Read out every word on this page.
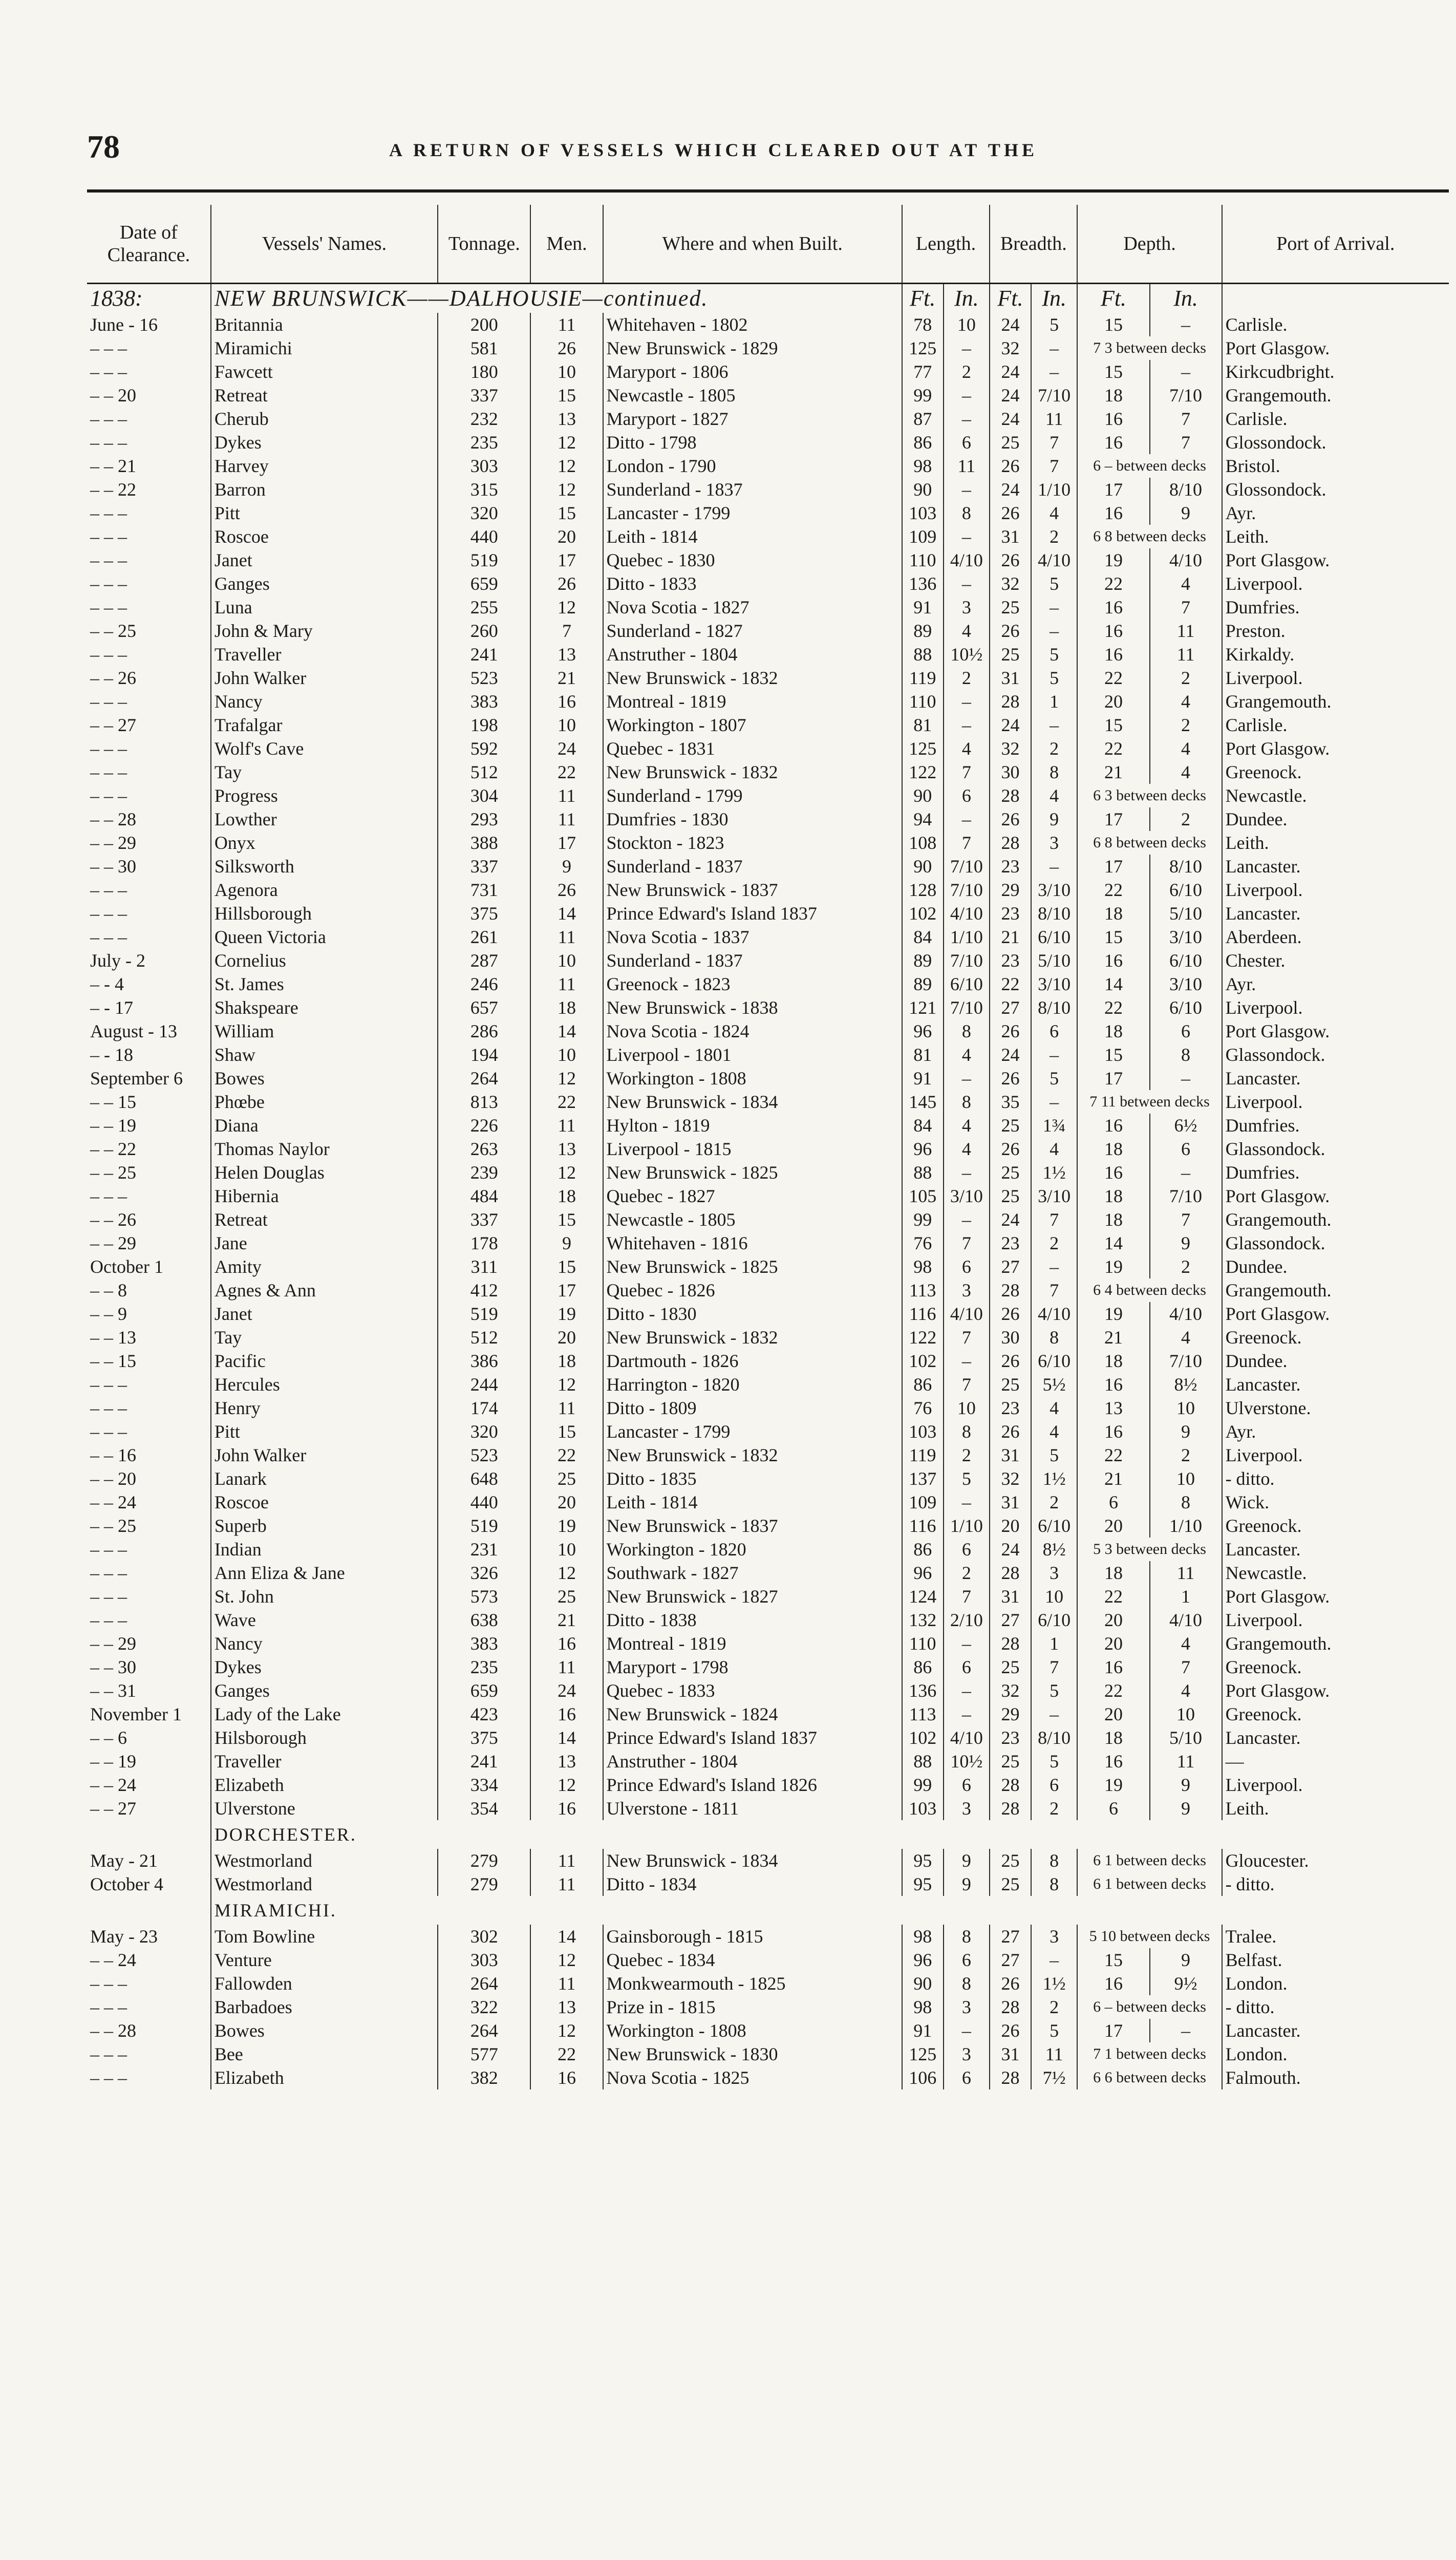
78	A RETURN OF VESSELS WHICH CLEARED OUT AT THE
Date of Clearance.	Vessels' Names.	Tonnage.	Men.	Where and when Built.	Length.		Breadth.		Depth.		Port of Arrival.
1838:	NEW BRUNSWICK——DALHOUSIE—continued.				Ft.	In.	Ft.	In.	Ft.	In.	
June - 16	Britannia	200	11	Whitehaven - 1802	78	10	24	5	15	–	Carlisle.
– – –	Miramichi	581	26	New Brunswick - 1829	125	–	32	–	7 3 between decks		Port Glasgow.
– – –	Fawcett	180	10	Maryport - 1806	77	2	24	–	15	–	Kirkcudbright.
– – 20	Retreat	337	15	Newcastle - 1805	99	–	24	7/10	18	7/10	Grangemouth.
– – –	Cherub	232	13	Maryport - 1827	87	–	24	11	16	7	Carlisle.
– – –	Dykes	235	12	Ditto - 1798	86	6	25	7	16	7	Glossondock.
– – 21	Harvey	303	12	London - 1790	98	11	26	7	6 – between decks		Bristol.
– – 22	Barron	315	12	Sunderland - 1837	90	–	24	1/10	17	8/10	Glossondock.
– – –	Pitt	320	15	Lancaster - 1799	103	8	26	4	16	9	Ayr.
– – –	Roscoe	440	20	Leith - 1814	109	–	31	2	6 8 between decks		Leith.
– – –	Janet	519	17	Quebec - 1830	110	4/10	26	4/10	19	4/10	Port Glasgow.
– – –	Ganges	659	26	Ditto - 1833	136	–	32	5	22	4	Liverpool.
– – –	Luna	255	12	Nova Scotia - 1827	91	3	25	–	16	7	Dumfries.
– – 25	John & Mary	260	7	Sunderland - 1827	89	4	26	–	16	11	Preston.
– – –	Traveller	241	13	Anstruther - 1804	88	10½	25	5	16	11	Kirkaldy.
– – 26	John Walker	523	21	New Brunswick - 1832	119	2	31	5	22	2	Liverpool.
– – –	Nancy	383	16	Montreal - 1819	110	–	28	1	20	4	Grangemouth.
– – 27	Trafalgar	198	10	Workington - 1807	81	–	24	–	15	2	Carlisle.
– – –	Wolf's Cave	592	24	Quebec - 1831	125	4	32	2	22	4	Port Glasgow.
– – –	Tay	512	22	New Brunswick - 1832	122	7	30	8	21	4	Greenock.
– – –	Progress	304	11	Sunderland - 1799	90	6	28	4	6 3 between decks		Newcastle.
– – 28	Lowther	293	11	Dumfries - 1830	94	–	26	9	17	2	Dundee.
– – 29	Onyx	388	17	Stockton - 1823	108	7	28	3	6 8 between decks		Leith.
– – 30	Silksworth	337	9	Sunderland - 1837	90	7/10	23	–	17	8/10	Lancaster.
– – –	Agenora	731	26	New Brunswick - 1837	128	7/10	29	3/10	22	6/10	Liverpool.
– – –	Hillsborough	375	14	Prince Edward's Island 1837	102	4/10	23	8/10	18	5/10	Lancaster.
– – –	Queen Victoria	261	11	Nova Scotia - 1837	84	1/10	21	6/10	15	3/10	Aberdeen.
July - 2	Cornelius	287	10	Sunderland - 1837	89	7/10	23	5/10	16	6/10	Chester.
– - 4	St. James	246	11	Greenock - 1823	89	6/10	22	3/10	14	3/10	Ayr.
– - 17	Shakspeare	657	18	New Brunswick - 1838	121	7/10	27	8/10	22	6/10	Liverpool.
August - 13	William	286	14	Nova Scotia - 1824	96	8	26	6	18	6	Port Glasgow.
– - 18	Shaw	194	10	Liverpool - 1801	81	4	24	–	15	8	Glassondock.
September 6	Bowes	264	12	Workington - 1808	91	–	26	5	17	–	Lancaster.
– – 15	Phœbe	813	22	New Brunswick - 1834	145	8	35	–	7 11 between decks		Liverpool.
– – 19	Diana	226	11	Hylton - 1819	84	4	25	1¾	16	6½	Dumfries.
– – 22	Thomas Naylor	263	13	Liverpool - 1815	96	4	26	4	18	6	Glassondock.
– – 25	Helen Douglas	239	12	New Brunswick - 1825	88	–	25	1½	16	–	Dumfries.
– – –	Hibernia	484	18	Quebec - 1827	105	3/10	25	3/10	18	7/10	Port Glasgow.
– – 26	Retreat	337	15	Newcastle - 1805	99	–	24	7	18	7	Grangemouth.
– – 29	Jane	178	9	Whitehaven - 1816	76	7	23	2	14	9	Glassondock.
October 1	Amity	311	15	New Brunswick - 1825	98	6	27	–	19	2	Dundee.
– – 8	Agnes & Ann	412	17	Quebec - 1826	113	3	28	7	6 4 between decks		Grangemouth.
– – 9	Janet	519	19	Ditto - 1830	116	4/10	26	4/10	19	4/10	Port Glasgow.
– – 13	Tay	512	20	New Brunswick - 1832	122	7	30	8	21	4	Greenock.
– – 15	Pacific	386	18	Dartmouth - 1826	102	–	26	6/10	18	7/10	Dundee.
– – –	Hercules	244	12	Harrington - 1820	86	7	25	5½	16	8½	Lancaster.
– – –	Henry	174	11	Ditto - 1809	76	10	23	4	13	10	Ulverstone.
– – –	Pitt	320	15	Lancaster - 1799	103	8	26	4	16	9	Ayr.
– – 16	John Walker	523	22	New Brunswick - 1832	119	2	31	5	22	2	Liverpool.
– – 20	Lanark	648	25	Ditto - 1835	137	5	32	1½	21	10	- ditto.
– – 24	Roscoe	440	20	Leith - 1814	109	–	31	2	6	8	Wick.
– – 25	Superb	519	19	New Brunswick - 1837	116	1/10	20	6/10	20	1/10	Greenock.
– – –	Indian	231	10	Workington - 1820	86	6	24	8½	5 3 between decks		Lancaster.
– – –	Ann Eliza & Jane	326	12	Southwark - 1827	96	2	28	3	18	11	Newcastle.
– – –	St. John	573	25	New Brunswick - 1827	124	7	31	10	22	1	Port Glasgow.
– – –	Wave	638	21	Ditto - 1838	132	2/10	27	6/10	20	4/10	Liverpool.
– – 29	Nancy	383	16	Montreal - 1819	110	–	28	1	20	4	Grangemouth.
– – 30	Dykes	235	11	Maryport - 1798	86	6	25	7	16	7	Greenock.
– – 31	Ganges	659	24	Quebec - 1833	136	–	32	5	22	4	Port Glasgow.
November 1	Lady of the Lake	423	16	New Brunswick - 1824	113	–	29	–	20	10	Greenock.
– – 6	Hilsborough	375	14	Prince Edward's Island 1837	102	4/10	23	8/10	18	5/10	Lancaster.
– – 19	Traveller	241	13	Anstruther - 1804	88	10½	25	5	16	11	—
– – 24	Elizabeth	334	12	Prince Edward's Island 1826	99	6	28	6	19	9	Liverpool.
– – 27	Ulverstone	354	16	Ulverstone - 1811	103	3	28	2	6	9	Leith.
	DORCHESTER.										
May - 21	Westmorland	279	11	New Brunswick - 1834	95	9	25	8	6 1 between decks		Gloucester.
October 4	Westmorland	279	11	Ditto - 1834	95	9	25	8	6 1 between decks		- ditto.
	MIRAMICHI.										
May - 23	Tom Bowline	302	14	Gainsborough - 1815	98	8	27	3	5 10 between decks		Tralee.
– – 24	Venture	303	12	Quebec - 1834	96	6	27	–	15	9	Belfast.
– – –	Fallowden	264	11	Monkwearmouth - 1825	90	8	26	1½	16	9½	London.
– – –	Barbadoes	322	13	Prize in - 1815	98	3	28	2	6 – between decks		- ditto.
– – 28	Bowes	264	12	Workington - 1808	91	–	26	5	17	–	Lancaster.
– – –	Bee	577	22	New Brunswick - 1830	125	3	31	11	7 1 between decks		London.
– – –	Elizabeth	382	16	Nova Scotia - 1825	106	6	28	7½	6 6 between decks		Falmouth.
